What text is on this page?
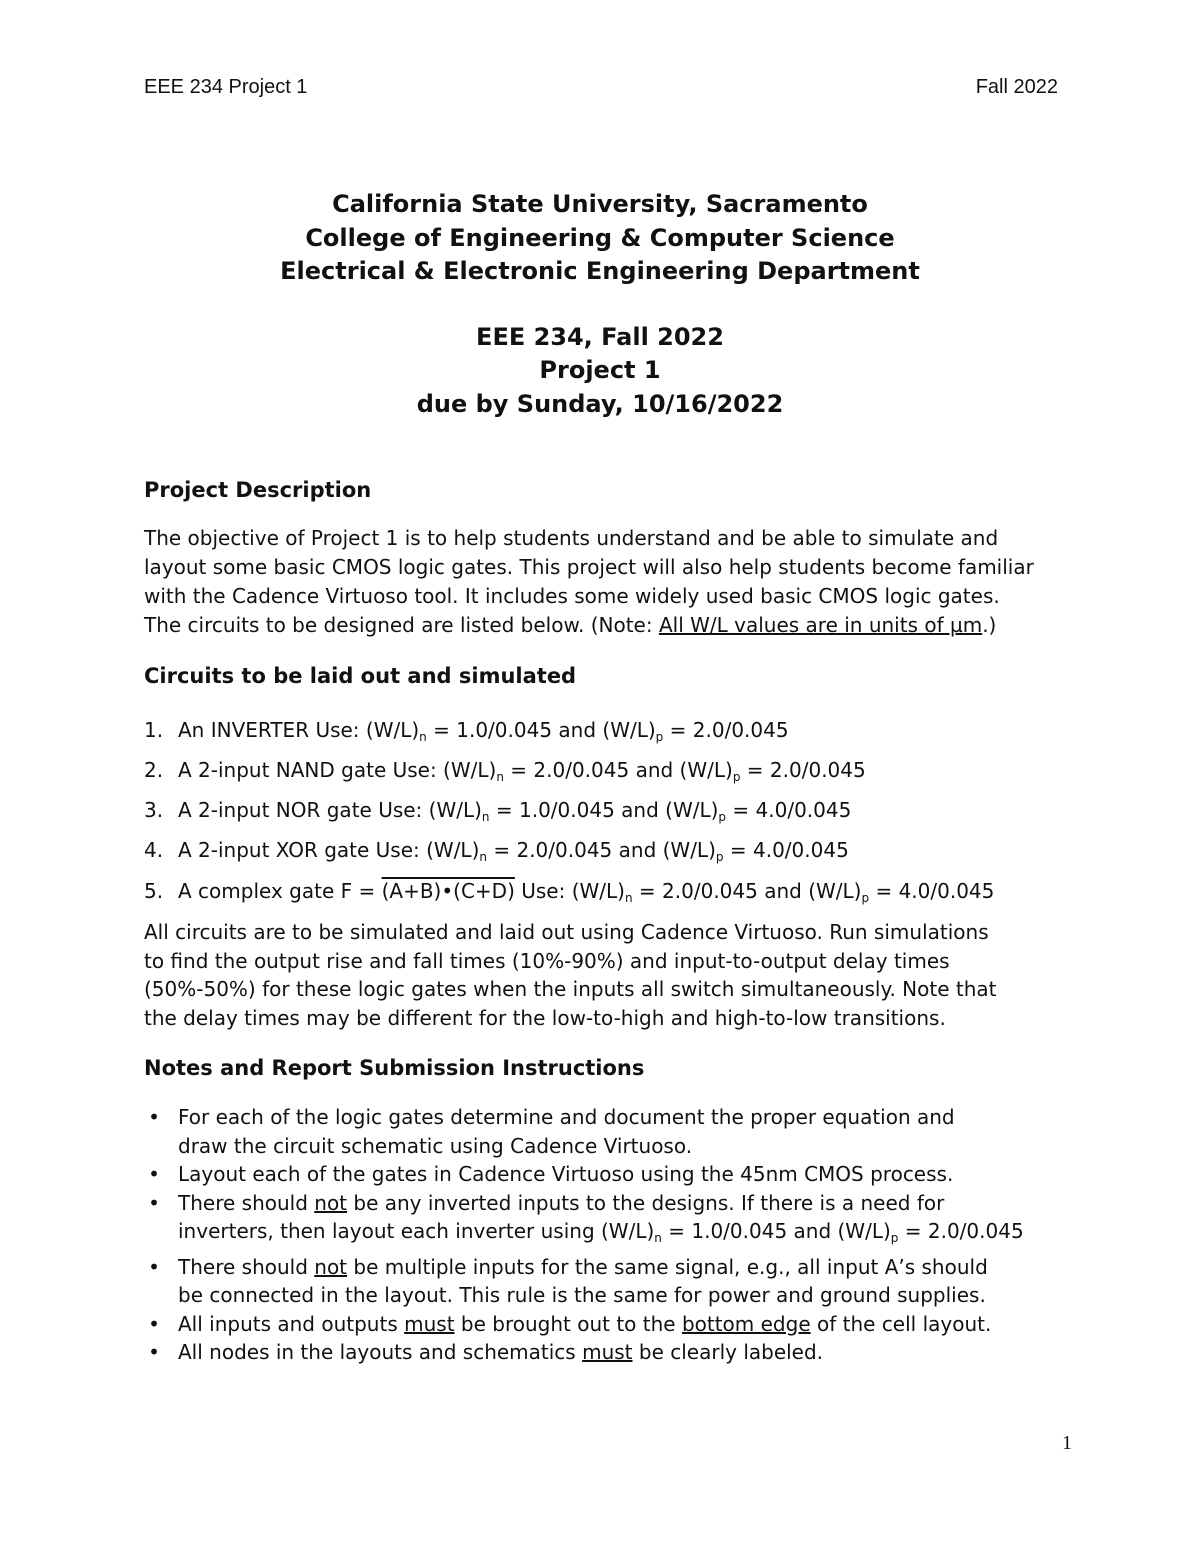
EEE 234 Project 1	Fall 2022
California State University, Sacramento
College of Engineering & Computer Science
Electrical & Electronic Engineering Department
EEE 234, Fall 2022
Project 1
due by Sunday, 10/16/2022
Project Description
The objective of Project 1 is to help students understand and be able to simulate and
layout some basic CMOS logic gates. This project will also help students become familiar
with the Cadence Virtuoso tool. It includes some widely used basic CMOS logic gates.
The circuits to be designed are listed below. (Note: All W/L values are in units of µm.)
Circuits to be laid out and simulated
1. An INVERTER Use: $(W/L)_n = 1.0/0.045$ and $(W/L)_p = 2.0/0.045$
2. A 2-input NAND gate Use: $(W/L)_n = 2.0/0.045$ and $(W/L)_p = 2.0/0.045$
3. A 2-input NOR gate Use: $(W/L)_n = 1.0/0.045$ and $(W/L)_p = 4.0/0.045$
4. A 2-input XOR gate Use: $(W/L)_n = 2.0/0.045$ and $(W/L)_p = 4.0/0.045$
5. A complex gate F = (A+B)•(C+D) Use: $(W/L)_n = 2.0/0.045$ and $(W/L)_p = 4.0/0.045$
All circuits are to be simulated and laid out using Cadence Virtuoso. Run simulations
to find the output rise and fall times (10%-90%) and input-to-output delay times
(50%-50%) for these logic gates when the inputs all switch simultaneously. Note that
the delay times may be different for the low-to-high and high-to-low transitions.
Notes and Report Submission Instructions
• For each of the logic gates determine and document the proper equation and
draw the circuit schematic using Cadence Virtuoso.
• Layout each of the gates in Cadence Virtuoso using the 45nm CMOS process.
• There should not be any inverted inputs to the designs. If there is a need for
inverters, then layout each inverter using $(W/L)_n = 1.0/0.045$ and $(W/L)_p = 2.0/0.045$
• There should not be multiple inputs for the same signal, e.g., all input A’s should
be connected in the layout. This rule is the same for power and ground supplies.
• All inputs and outputs must be brought out to the bottom edge of the cell layout.
• All nodes in the layouts and schematics must be clearly labeled.
1
